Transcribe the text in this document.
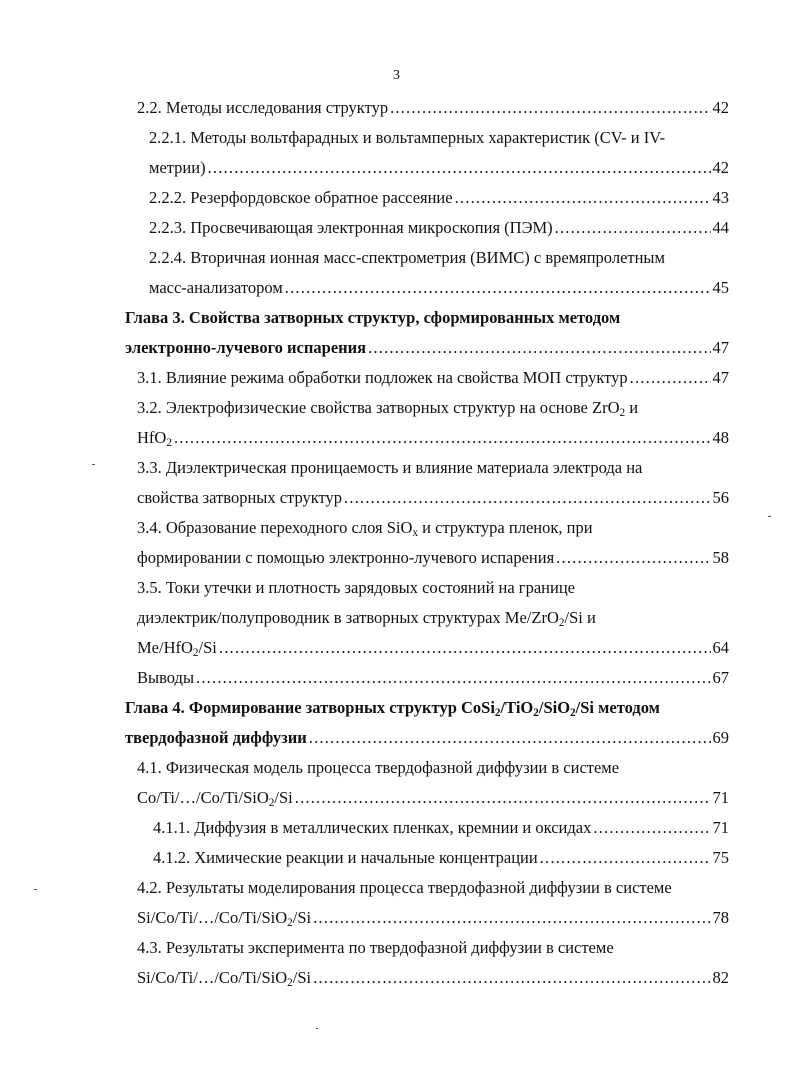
3
2.2. Методы исследования структур .....	42
2.2.1. Методы вольтфарадных и вольтамперных характеристик (CV- и IV-
метрии) .....	42
2.2.2. Резерфордовское обратное рассеяние .....	43
2.2.3. Просвечивающая электронная микроскопия (ПЭМ) .....	44
2.2.4. Вторичная ионная масс-спектрометрия (ВИМС) с времяпролетным
масс-анализатором .....	45
Глава 3. Свойства затворных структур, сформированных методом
электронно-лучевого испарения .....	47
3.1. Влияние режима обработки подложек на свойства МОП структур .....	47
3.2. Электрофизические свойства затворных структур на основе ZrO$_2$ и
HfO$_2$ .....	48
3.3. Диэлектрическая проницаемость и влияние материала электрода на
свойства затворных структур .....	56
3.4. Образование переходного слоя SiO$_x$ и структура пленок, при
формировании с помощью электронно-лучевого испарения .....	58
3.5. Токи утечки и плотность зарядовых состояний на границе
диэлектрик/полупроводник в затворных структурах Me/ZrO$_2$/Si и
Me/HfO$_2$/Si .....	64
Выводы .....	67
Глава 4. Формирование затворных структур CoSi$_2$/TiO$_2$/SiO$_2$/Si методом
твердофазной диффузии .....	69
4.1. Физическая модель процесса твердофазной диффузии в системе
Co/Ti/…/Co/Ti/SiO$_2$/Si .....	71
4.1.1. Диффузия в металлических пленках, кремнии и оксидах .....	71
4.1.2. Химические реакции и начальные концентрации .....	75
4.2. Результаты моделирования процесса твердофазной диффузии в системе
Si/Co/Ti/…/Co/Ti/SiO$_2$/Si .....	78
4.3. Результаты эксперимента по твердофазной диффузии в системе
Si/Co/Ti/…/Co/Ti/SiO$_2$/Si .....	82
